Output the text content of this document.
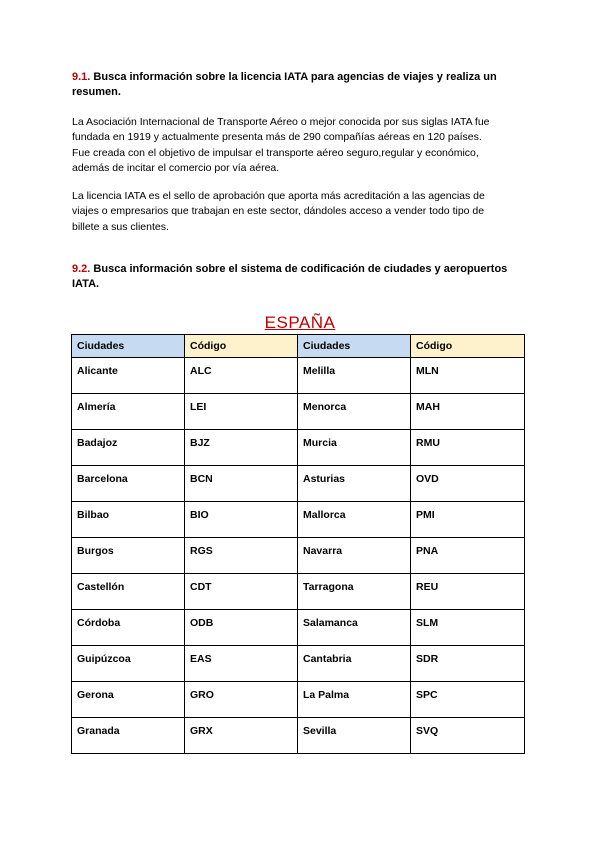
9.1. Busca información sobre la licencia IATA para agencias de viajes y realiza un
resumen.
La Asociación Internacional de Transporte Aéreo o mejor conocida por sus siglas IATA fue
fundada en 1919 y actualmente presenta más de 290 compañías aéreas en 120 países.
Fue creada con el objetivo de impulsar el transporte aéreo seguro,regular y económico,
además de incitar el comercio por vía aérea.
La licencia IATA es el sello de aprobación que aporta más acreditación a las agencias de
viajes o empresarios que trabajan en este sector, dándoles acceso a vender todo tipo de
billete a sus clientes.
9.2. Busca información sobre el sistema de codificación de ciudades y aeropuertos
IATA.
ESPAÑA
Ciudades	Código	Ciudades	Código
Alicante	ALC	Melilla	MLN
Almería	LEI	Menorca	MAH
Badajoz	BJZ	Murcia	RMU
Barcelona	BCN	Asturias	OVD
Bilbao	BIO	Mallorca	PMI
Burgos	RGS	Navarra	PNA
Castellón	CDT	Tarragona	REU
Córdoba	ODB	Salamanca	SLM
Guipúzcoa	EAS	Cantabria	SDR
Gerona	GRO	La Palma	SPC
Granada	GRX	Sevilla	SVQ
